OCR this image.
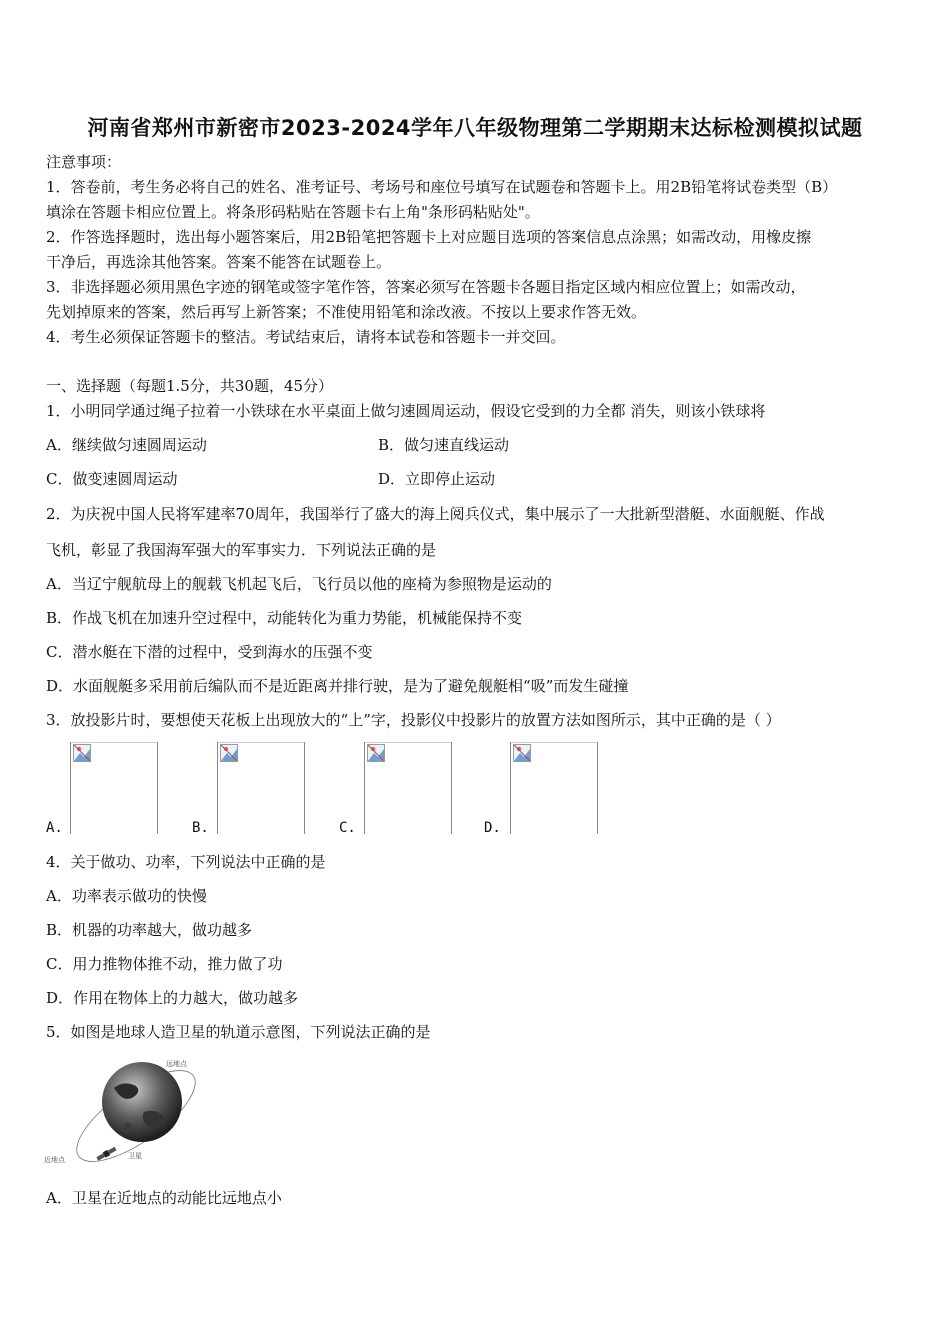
河南省郑州市新密市2023-2024学年八年级物理第二学期期末达标检测模拟试题
注意事项：
1．答卷前，考生务必将自己的姓名、准考证号、考场号和座位号填写在试题卷和答题卡上。用2B铅笔将试卷类型（B）
填涂在答题卡相应位置上。将条形码粘贴在答题卡右上角"条形码粘贴处"。
2．作答选择题时，选出每小题答案后，用2B铅笔把答题卡上对应题目选项的答案信息点涂黑；如需改动，用橡皮擦
干净后，再选涂其他答案。答案不能答在试题卷上。
3．非选择题必须用黑色字迹的钢笔或签字笔作答，答案必须写在答题卡各题目指定区域内相应位置上；如需改动，
先划掉原来的答案，然后再写上新答案；不准使用铅笔和涂改液。不按以上要求作答无效。
4．考生必须保证答题卡的整洁。考试结束后，请将本试卷和答题卡一并交回。
一、选择题（每题1.5分，共30题，45分）
1．小明同学通过绳子拉着一小铁球在水平桌面上做匀速圆周运动，假设它受到的力全都 消失，则该小铁球将
A．继续做匀速圆周运动	B．做匀速直线运动
C．做变速圆周运动	D．立即停止运动
2．为庆祝中国人民将军建率70周年，我国举行了盛大的海上阅兵仪式，集中展示了一大批新型潜艇、水面舰艇、作战
飞机，彰显了我国海军强大的军事实力．下列说法正确的是
A．当辽宁舰航母上的舰载飞机起飞后，飞行员以他的座椅为参照物是运动的
B．作战飞机在加速升空过程中，动能转化为重力势能，机械能保持不变
C．潜水艇在下潜的过程中，受到海水的压强不变
D．水面舰艇多采用前后编队而不是近距离并排行驶，是为了避免舰艇相“吸”而发生碰撞
3．放投影片时，要想使天花板上出现放大的“上”字，投影仪中投影片的放置方法如图所示，其中正确的是（ ）
A.	B.	C.	D.
4．关于做功、功率，下列说法中正确的是
A．功率表示做功的快慢
B．机器的功率越大，做功越多
C．用力推物体推不动，推力做了功
D．作用在物体上的力越大，做功越多
5．如图是地球人造卫星的轨道示意图，下列说法正确的是
远地点
近地点	卫星
A．卫星在近地点的动能比远地点小
